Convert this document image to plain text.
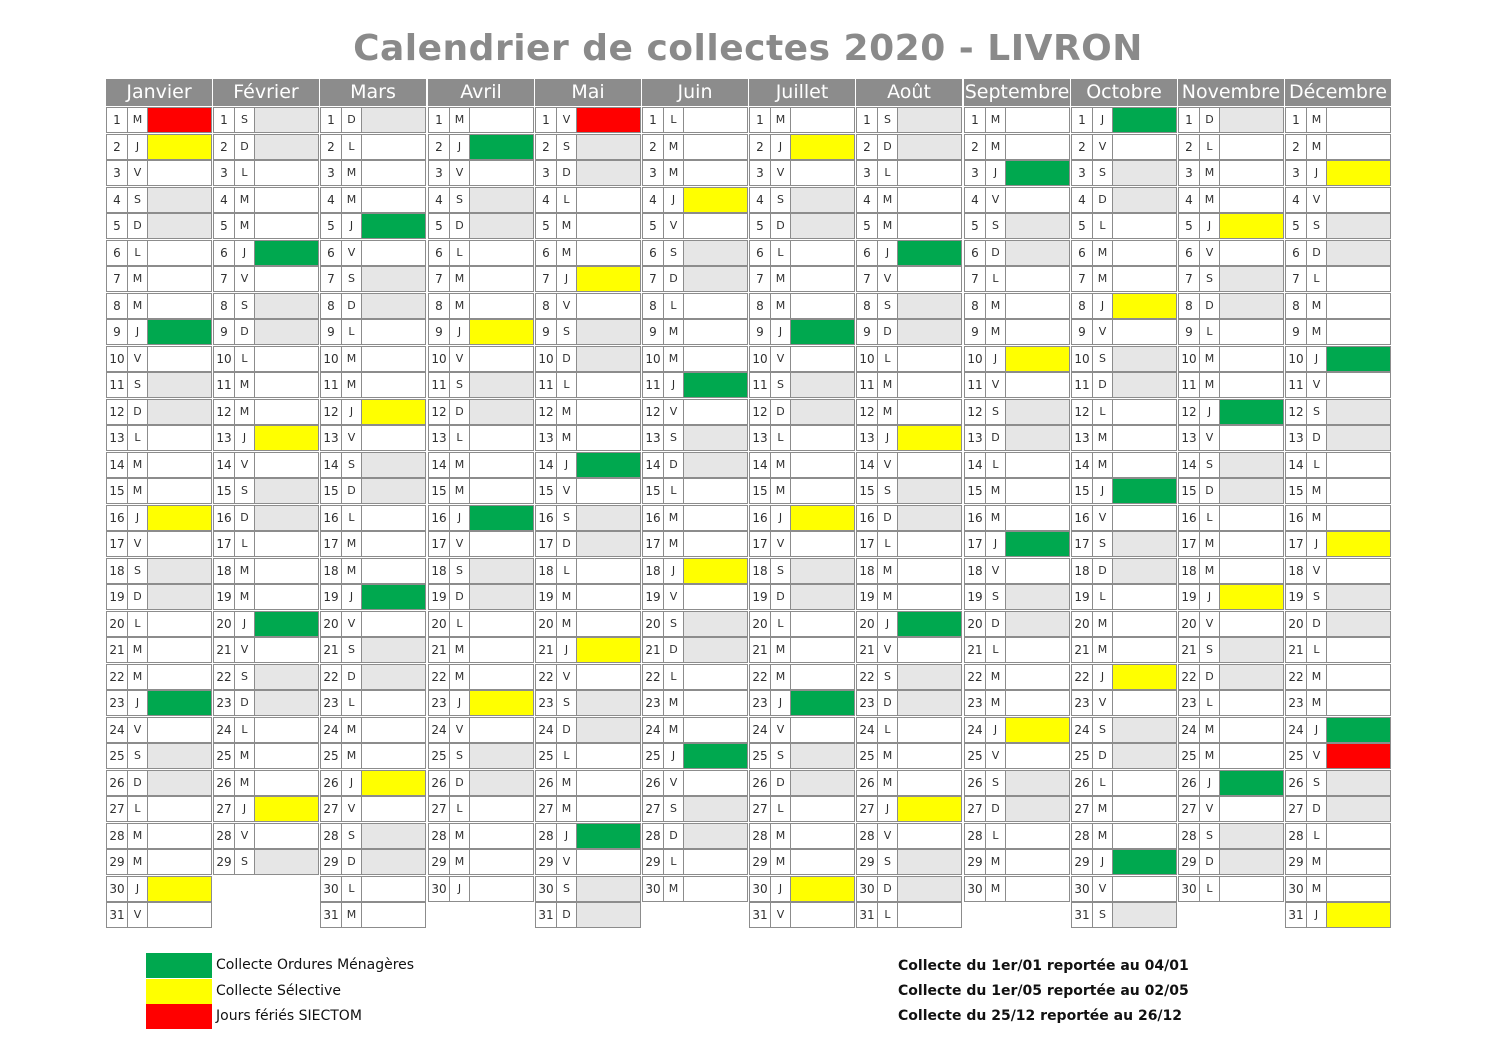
Calendrier de collectes 2020 - LIVRON
Janvier
1	M
2	J
3	V
4	S
5	D
6	L
7	M
8	M
9	J
10 V
11 S
12 D
13 L
14 M
15 M
16	J
17 V
18 S
19 D
20 L
21 M
22 M
23	J
24 V
25 S
26 D
27 L
28 M
29 M
30	J
31 V
Février
1	S
2	D
3	L
4	M
5	M
6	J
7	V
8	S
9	D
10 L
11 M
12 M
13	J
14 V
15 S
16 D
17 L
18 M
19 M
20	J
21 V
22 S
23 D
24 L
25 M
26 M
27	J
28 V
29 S
Mars
1	D
2	L
3	M
4	M
5	J
6	V
7	S
8	D
9	L
10 M
11 M
12	J
13 V
14 S
15 D
16 L
17 M
18 M
19	J
20 V
21 S
22 D
23 L
24 M
25 M
26	J
27 V
28 S
29 D
30 L
31 M
Avril
1	M
2	J
3	V
4	S
5	D
6	L
7	M
8	M
9	J
10 V
11 S
12 D
13 L
14 M
15 M
16	J
17 V
18 S
19 D
20 L
21 M
22 M
23	J
24 V
25 S
26 D
27 L
28 M
29 M
30	J
Mai
1	V
2	S
3	D
4	L
5	M
6	M
7	J
8	V
9	S
10 D
11 L
12 M
13 M
14	J
15 V
16 S
17 D
18 L
19 M
20 M
21	J
22 V
23 S
24 D
25 L
26 M
27 M
28	J
29 V
30 S
31 D
Juin
1	L
2	M
3	M
4	J
5	V
6	S
7	D
8	L
9	M
10 M
11	J
12 V
13 S
14 D
15 L
16 M
17 M
18	J
19 V
20 S
21 D
22 L
23 M
24 M
25	J
26 V
27 S
28 D
29 L
30 M
Juillet
1	M
2	J
3	V
4	S
5	D
6	L
7	M
8	M
9	J
10 V
11 S
12 D
13 L
14 M
15 M
16	J
17 V
18 S
19 D
20 L
21 M
22 M
23	J
24 V
25 S
26 D
27 L
28 M
29 M
30	J
31 V
Août
1	S
2	D
3	L
4	M
5	M
6	J
7	V
8	S
9	D
10 L
11 M
12 M
13	J
14 V
15 S
16 D
17 L
18 M
19 M
20	J
21 V
22 S
23 D
24 L
25 M
26 M
27	J
28 V
29 S
30 D
31 L
Septembre
1	M
2	M
3	J
4	V
5	S
6	D
7	L
8	M
9	M
10	J
11 V
12 S
13 D
14 L
15 M
16 M
17	J
18 V
19 S
20 D
21 L
22 M
23 M
24	J
25 V
26 S
27 D
28 L
29 M
30 M
Octobre
1	J
2	V
3	S
4	D
5	L
6	M
7	M
8	J
9	V
10 S
11 D
12 L
13 M
14 M
15	J
16 V
17 S
18 D
19 L
20 M
21 M
22	J
23 V
24 S
25 D
26 L
27 M
28 M
29	J
30 V
31 S
Novembre
1	D
2	L
3	M
4	M
5	J
6	V
7	S
8	D
9	L
10 M
11 M
12	J
13 V
14 S
15 D
16 L
17 M
18 M
19	J
20 V
21 S
22 D
23 L
24 M
25 M
26	J
27 V
28 S
29 D
30 L
Décembre
1	M
2	M
3	J
4	V
5	S
6	D
7	L
8	M
9	M
10	J
11 V
12 S
13 D
14 L
15 M
16 M
17	J
18 V
19 S
20 D
21 L
22 M
23 M
24	J
25 V
26 S
27 D
28 L
29 M
30 M
31	J
Collecte Ordures Ménagères
Collecte Sélective
Jours fériés SIECTOM
Collecte du 1er/01 reportée au 04/01
Collecte du 1er/05 reportée au 02/05
Collecte du 25/12 reportée au 26/12
